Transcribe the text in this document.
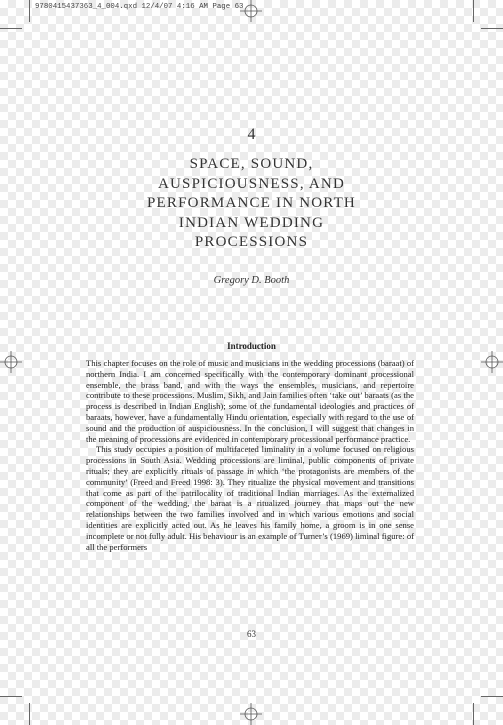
9780415437363_4_004.qxd 12/4/07 4:16 AM Page 63
4
SPACE, SOUND,
AUSPICIOUSNESS, AND
PERFORMANCE IN NORTH
INDIAN WEDDING
PROCESSIONS
Gregory D. Booth
Introduction

This chapter focuses on the role of music and musicians in the wedding processions (baraat) of northern India. I am concerned specifically with the contemporary dominant processional ensemble, the brass band, and with the ways the ensembles, musicians, and repertoire contribute to these processions. Muslim, Sikh, and Jain families often ‘take out’ baraats (as the process is described in Indian English); some of the fundamental ideologies and practices of baraats, however, have a fundamentally Hindu orientation, especially with regard to the use of sound and the production of auspiciousness. In the conclusion, I will suggest that changes in the meaning of processions are evidenced in contemporary processional performance practice.

This study occupies a position of multifaceted liminality in a volume focused on religious processions in South Asia. Wedding processions are liminal, public components of private rituals; they are explicitly rituals of passage in which ‘the protagonists are members of the community’ (Freed and Freed 1998: 3). They ritualize the physical movement and transitions that come as part of the patrilocality of traditional Indian marriages. As the externalized component of the wedding, the baraat is a ritualized journey that maps out the new relationships between the two families involved and in which various emotions and social identities are explicitly acted out. As he leaves his family home, a groom is in one sense incomplete or not fully adult. His behaviour is an example of Turner’s (1969) liminal figure: of all the performers

63
